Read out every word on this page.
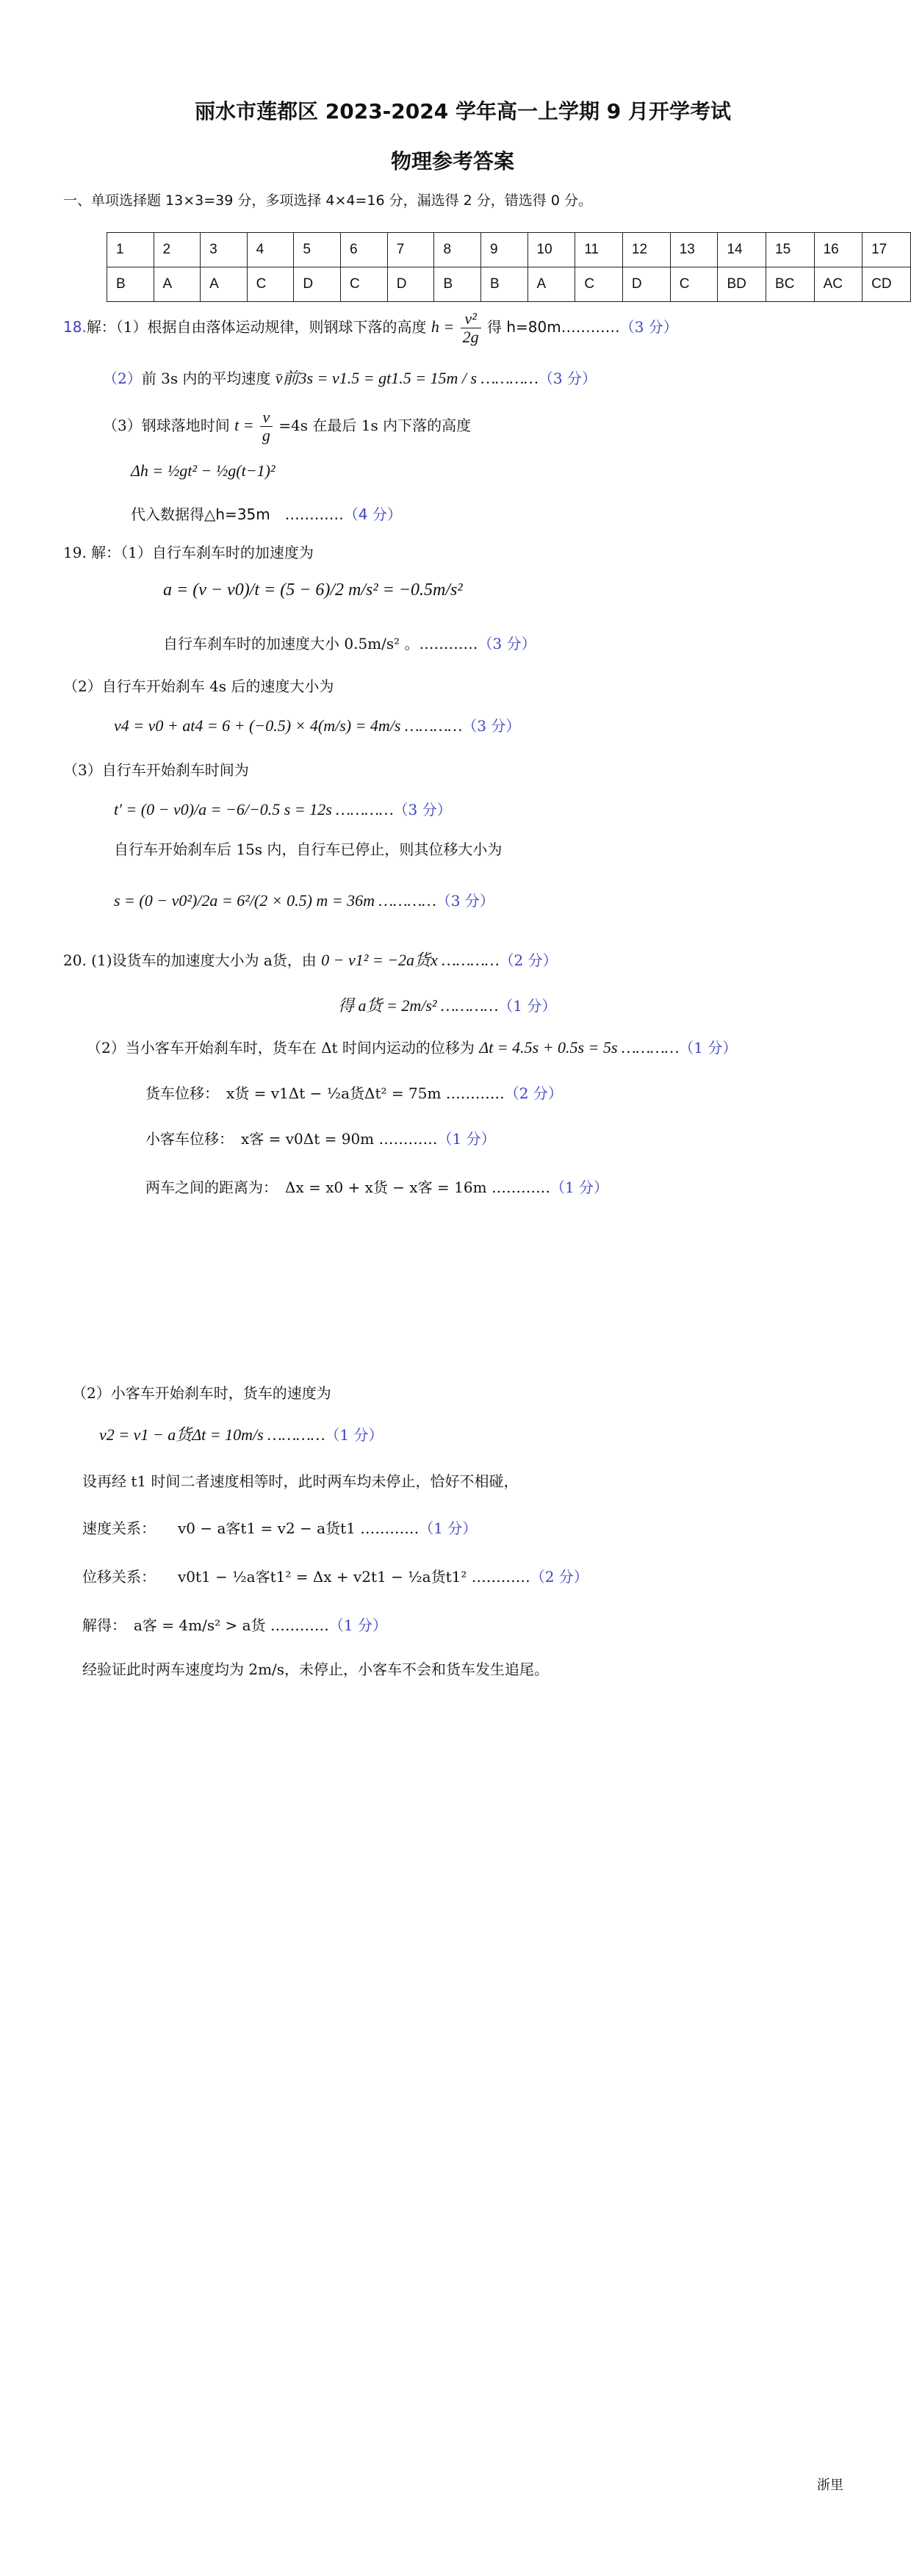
丽水市莲都区 2023-2024 学年高一上学期 9 月开学考试
物理参考答案
一、单项选择题 13×3=39 分，多项选择 4×4=16 分，漏选得 2 分，错选得 0 分。
1	2	3	4	5	6	7	8	9	10	11	12	13	14	15	16	17
B	A	A	C	D	C	D	B	B	A	C	D	C	BD	BC	AC	CD
18.解：（1）根据自由落体运动规律，则钢球下落的高度 $h = \frac{\text{v²}}{2g}$ 得 h=80m…………（3 分）
（2）前 3s 内的平均速度 v̄前3s = v1.5 = gt1.5 = 15m / s …………（3 分）
（3）钢球落地时间 $t = \frac{v}{g} =4s$ 在最后 1s 内下落的高度
Δh = ½gt² − ½g(t−1)²
代入数据得△h=35m　…………（4 分）
19. 解：（1）自行车刹车时的加速度为
a = (v − v0)/t = (5 − 6)/2 m/s² = −0.5m/s²
自行车刹车时的加速度大小 0.5m/s² 。…………（3 分）
（2）自行车开始刹车 4s 后的速度大小为
v4 = v0 + at4 = 6 + (−0.5) × 4(m/s) = 4m/s …………（3 分）
（3）自行车开始刹车时间为
t′ = (0 − v0)/a = −6/−0.5 s = 12s …………（3 分）
自行车开始刹车后 15s 内，自行车已停止，则其位移大小为
s = (0 − v0²)/2a = 6²/(2 × 0.5) m = 36m …………（3 分）
20. (1)设货车的加速度大小为 a货，由 0 − v1² = −2a货x …………（2 分）
得 a货 = 2m/s² …………（1 分）
（2）当小客车开始刹车时，货车在 Δt 时间内运动的位移为 Δt = 4.5s + 0.5s = 5s …………（1 分）
货车位移：　x货 = v1Δt − ½a货Δt² = 75m …………（2 分）
小客车位移：　x客 = v0Δt = 90m …………（1 分）
两车之间的距离为：　Δx = x0 + x货 − x客 = 16m …………（1 分）
（2）小客车开始刹车时，货车的速度为
v2 = v1 − a货Δt = 10m/s …………（1 分）
设再经 t1 时间二者速度相等时，此时两车均未停止，恰好不相碰，
速度关系：　　v0 − a客t1 = v2 − a货t1 …………（1 分）
位移关系：　　v0t1 − ½a客t1² = Δx + v2t1 − ½a货t1² …………（2 分）
解得：　a客 = 4m/s² > a货 …………（1 分）
经验证此时两车速度均为 2m/s，未停止，小客车不会和货车发生追尾。
浙里
